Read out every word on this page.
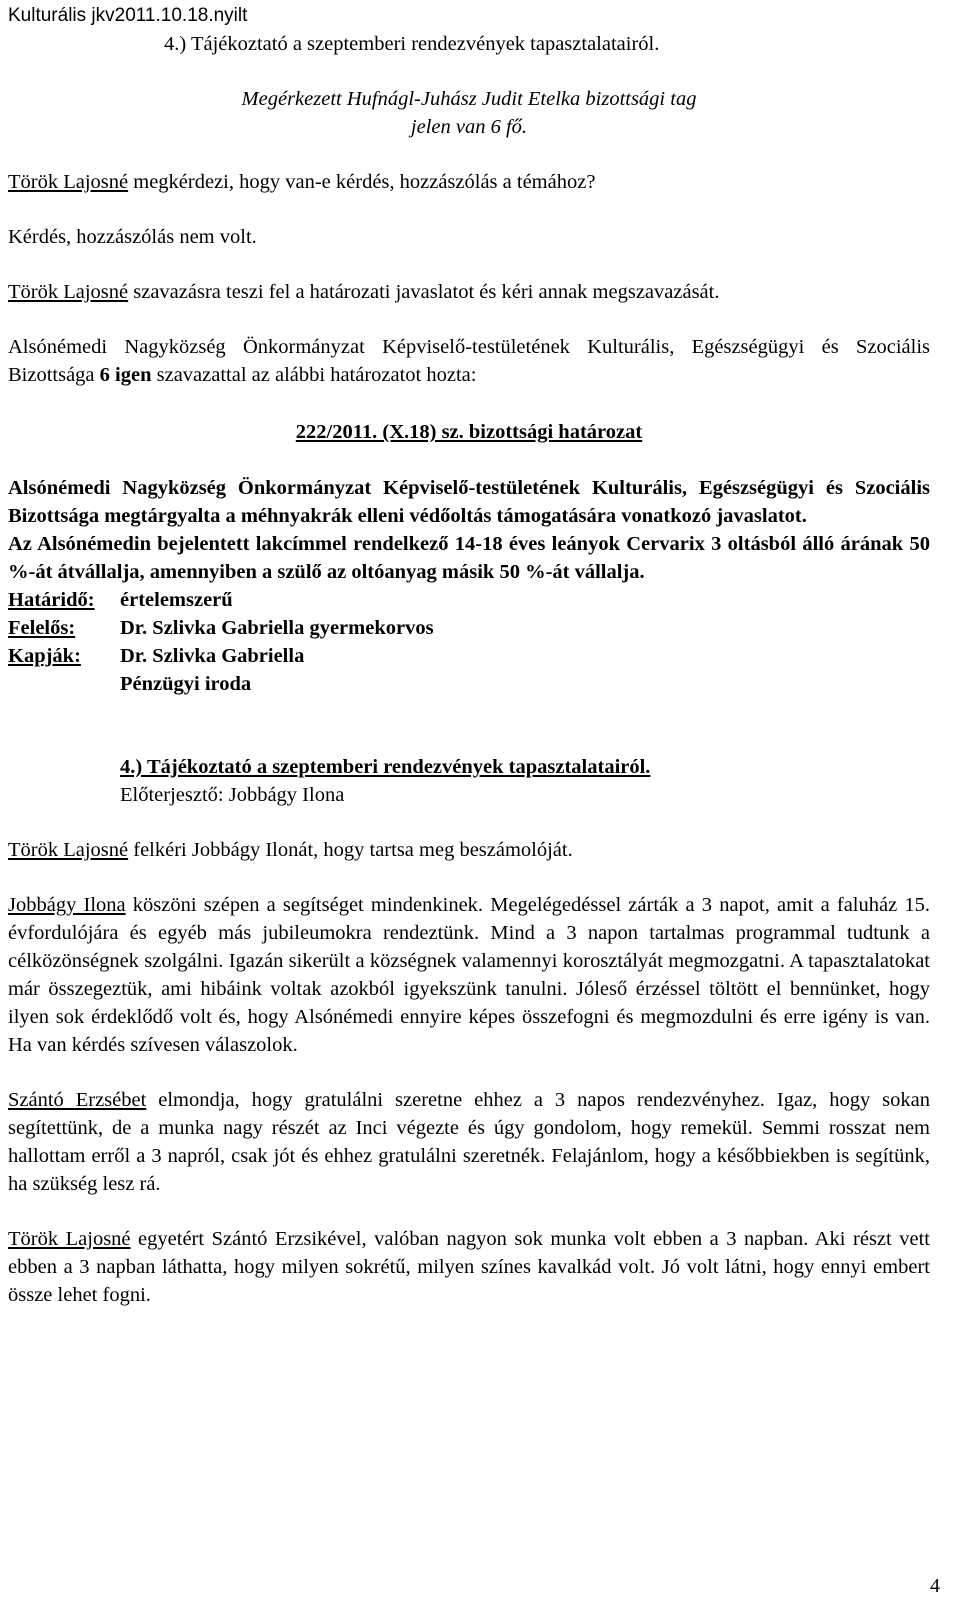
Kulturális jkv2011.10.18.nyilt

4.) Tájékoztató a szeptemberi rendezvények tapasztalatairól.

Megérkezett Hufnágl-Juhász Judit Etelka bizottsági tag

jelen van 6 fő.

Török Lajosné megkérdezi, hogy van-e kérdés, hozzászólás a témához?

Kérdés, hozzászólás nem volt.

Török Lajosné szavazásra teszi fel a határozati javaslatot és kéri annak megszavazását.

Alsónémedi Nagyközség Önkormányzat Képviselő-testületének Kulturális, Egészségügyi és Szociális Bizottsága 6 igen szavazattal az alábbi határozatot hozta:

222/2011. (X.18) sz. bizottsági határozat

Alsónémedi Nagyközség Önkormányzat Képviselő-testületének Kulturális, Egészségügyi és Szociális Bizottsága megtárgyalta a méhnyakrák elleni védőoltás támogatására vonatkozó javaslatot.

Az Alsónémedin bejelentett lakcímmel rendelkező 14-18 éves leányok Cervarix 3 oltásból álló árának 50 %-át átvállalja, amennyiben a szülő az oltóanyag másik 50 %-át vállalja.

Határidő:	értelemszerű
Felelős:	Dr. Szlivka Gabriella gyermekorvos
Kapják:	Dr. Szlivka Gabriella
Pénzügyi iroda

4.) Tájékoztató a szeptemberi rendezvények tapasztalatairól.

Előterjesztő: Jobbágy Ilona

Török Lajosné felkéri Jobbágy Ilonát, hogy tartsa meg beszámolóját.

Jobbágy Ilona köszöni szépen a segítséget mindenkinek. Megelégedéssel zárták a 3 napot, amit a faluház 15. évfordulójára és egyéb más jubileumokra rendeztünk. Mind a 3 napon tartalmas programmal tudtunk a célközönségnek szolgálni. Igazán sikerült a községnek valamennyi korosztályát megmozgatni. A tapasztalatokat már összegeztük, ami hibáink voltak azokból igyekszünk tanulni. Jóleső érzéssel töltött el bennünket, hogy ilyen sok érdeklődő volt és, hogy Alsónémedi ennyire képes összefogni és megmozdulni és erre igény is van. Ha van kérdés szívesen válaszolok.

Szántó Erzsébet elmondja, hogy gratulálni szeretne ehhez a 3 napos rendezvényhez. Igaz, hogy sokan segítettünk, de a munka nagy részét az Inci végezte és úgy gondolom, hogy remekül. Semmi rosszat nem hallottam erről a 3 napról, csak jót és ehhez gratulálni szeretnék. Felajánlom, hogy a későbbiekben is segítünk, ha szükség lesz rá.

Török Lajosné egyetért Szántó Erzsikével, valóban nagyon sok munka volt ebben a 3 napban. Aki részt vett ebben a 3 napban láthatta, hogy milyen sokrétű, milyen színes kavalkád volt. Jó volt látni, hogy ennyi embert össze lehet fogni.

4
